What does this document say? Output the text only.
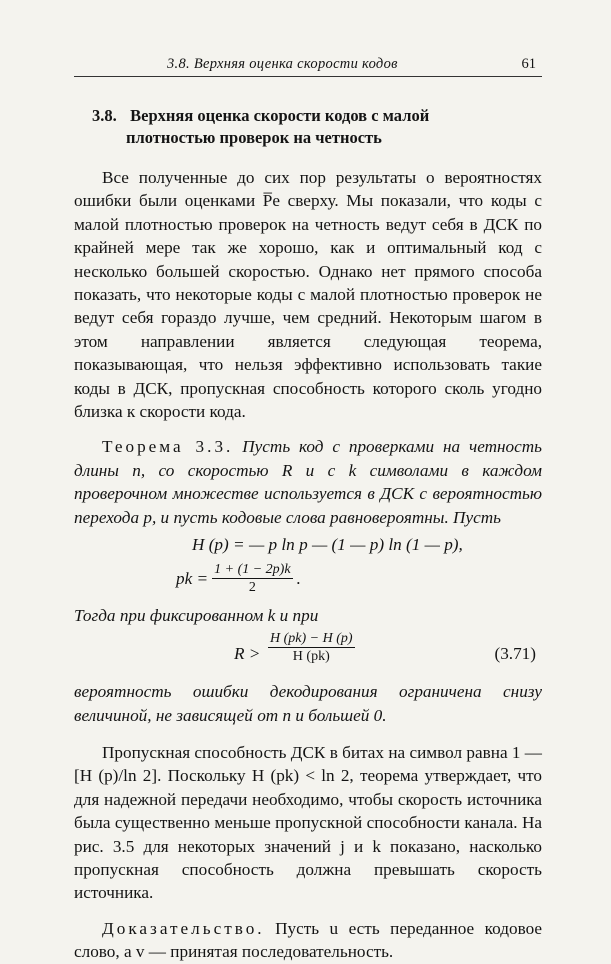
3.8. Верхняя оценка скорости кодов	61
3.8. Верхняя оценка скорости кодов с малой
плотностью проверок на четность

Все полученные до сих пор результаты о вероятностях ошибки были оценками P̅e сверху. Мы показали, что коды с малой плотностью проверок на четность ведут себя в ДСК по крайней мере так же хорошо, как и оптимальный код с несколько большей скоростью. Однако нет прямого способа показать, что некоторые коды с малой плотностью проверок не ведут себя гораздо лучше, чем средний. Некоторым шагом в этом направлении является следующая теорема, показывающая, что нельзя эффективно использовать такие коды в ДСК, пропускная способность которого сколь угодно близка к скорости кода.

Теорема 3.3. Пусть код с проверками на четность длины n, со скоростью R и с k символами в каждом проверочном множестве используется в ДСК с вероятностью перехода p, и пусть кодовые слова равновероятны. Пусть

H (p) = — p ln p — (1 — p) ln (1 — p),
pk = $\frac{1 + (1 - 2p)k}{2}$ .
Тогда при фиксированном k и при
$R > \frac{H (pk) - H (p)}{H (pk)}$	(3.71)

вероятность ошибки декодирования ограничена снизу величиной, не зависящей от n и большей 0.

Пропускная способность ДСК в битах на символ равна 1 — [H (p)/ln 2]. Поскольку H (pk) < ln 2, теорема утверждает, что для надежной передачи необходимо, чтобы скорость источника была существенно меньше пропускной способности канала. На рис. 3.5 для некоторых значений j и k показано, насколько пропускная способность должна превышать скорость источника.

Доказательство. Пусть u есть переданное кодовое слово, а v — принятая последовательность.
